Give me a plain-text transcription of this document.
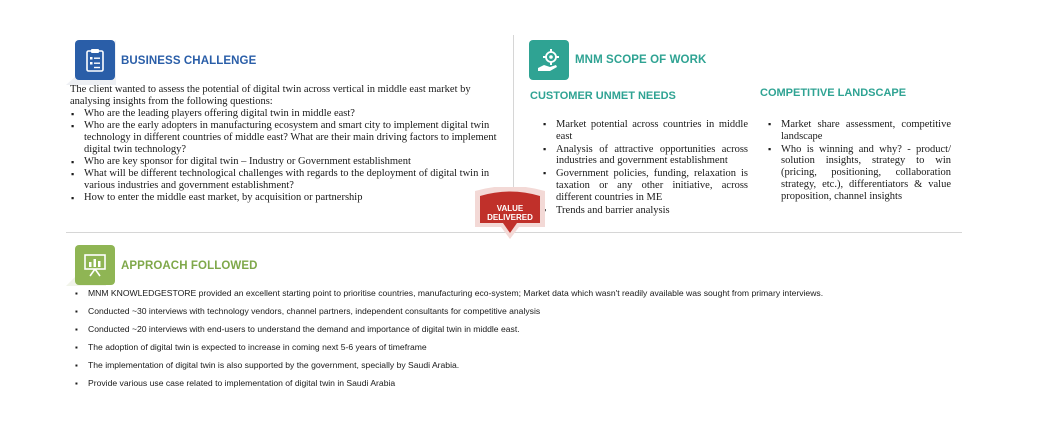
BUSINESS CHALLENGE

The client wanted to assess the potential of digital twin across vertical in middle east market by analysing insights from the following questions:

▪ Who are the leading players offering digital twin in middle east?
▪ Who are the early adopters in manufacturing ecosystem and smart city to implement digital twin technology in different countries of middle east? What are their main driving factors to implement digital twin technology?
▪ Who are key sponsor for digital twin – Industry or Government establishment
▪ What will be different technological challenges with regards to the deployment of digital twin in various industries and government establishment?
▪ How to enter the middle east market, by acquisition or partnership
MNM SCOPE OF WORK
CUSTOMER UNMET NEEDS
▪ Market potential across countries in middle east
▪ Analysis of attractive opportunities across industries and government establishment
▪ Government policies, funding, relaxation is taxation or any other initiative, across different countries in ME
▪ Trends and barrier analysis
COMPETITIVE LANDSCAPE
▪ Market share assessment, competitive landscape
▪ Who is winning and why? - product/ solution insights, strategy to win (pricing, positioning, collaboration strategy, etc.), differentiators & value proposition, channel insights
VALUE
DELIVERED
APPROACH FOLLOWED
▪ MNM KNOWLEDGESTORE provided an excellent starting point to prioritise countries, manufacturing eco-system; Market data which wasn't readily available was sought from primary interviews.
▪ Conducted ~30 interviews with technology vendors, channel partners, independent consultants for competitive analysis
▪ Conducted ~20 interviews with end-users to understand the demand and importance of digital twin in middle east.
▪ The adoption of digital twin is expected to increase in coming next 5-6 years of timeframe
▪ The implementation of digital twin is also supported by the government, specially by Saudi Arabia.
▪ Provide various use case related to implementation of digital twin in Saudi Arabia
